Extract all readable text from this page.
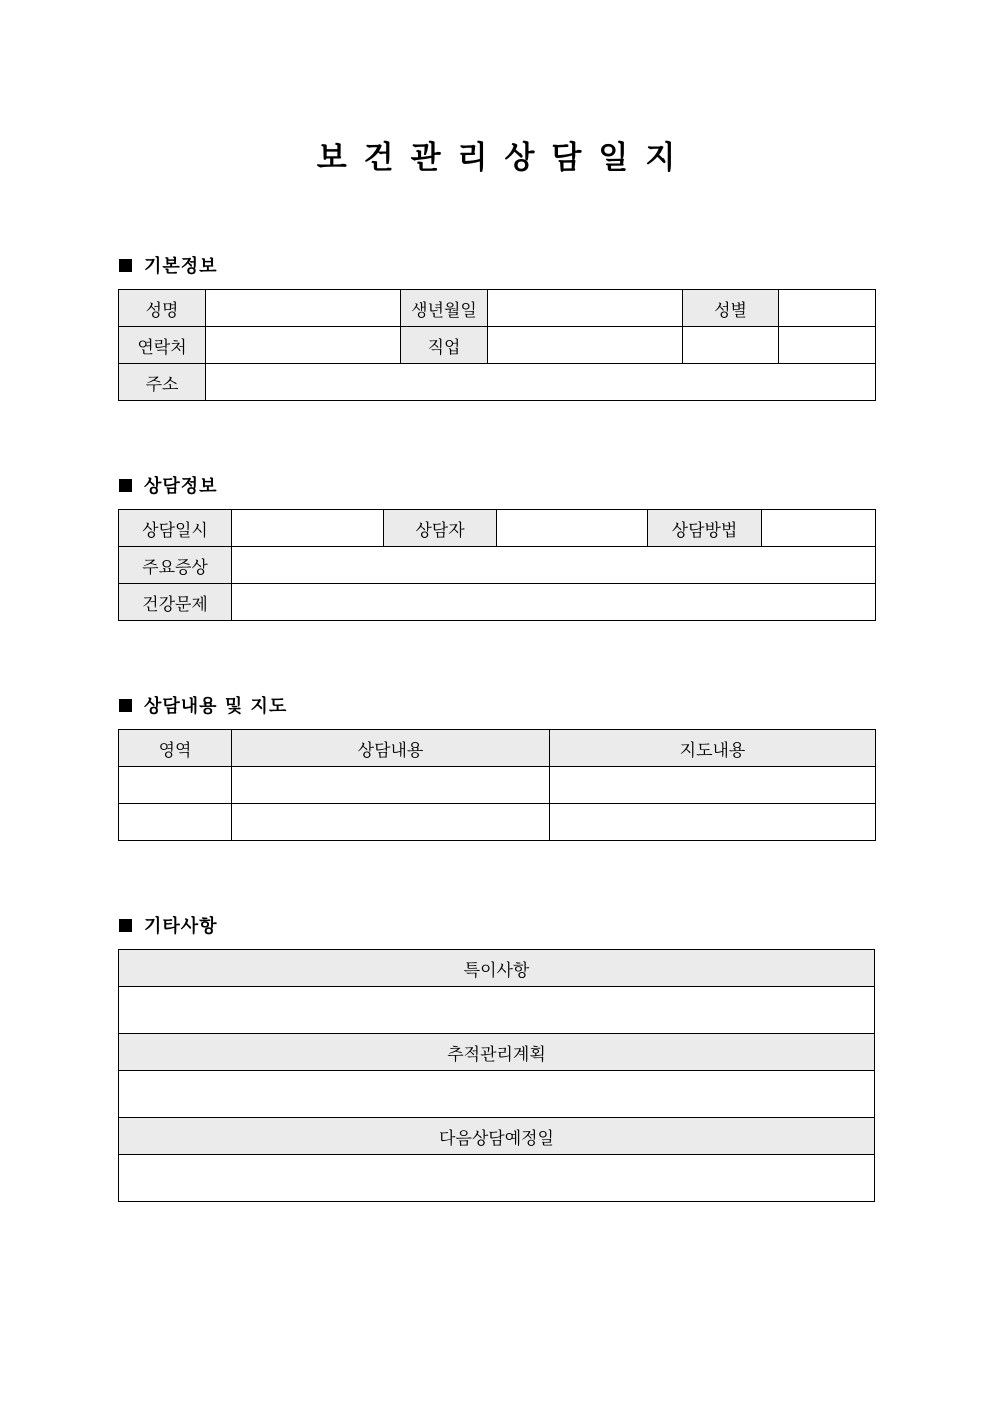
보건관리상담일지
기본정보
성명		생년월일		성별	
연락처		직업			
주소					
상담정보
상담일시		상담자		상담방법	
주요증상					
건강문제					
상담내용 및 지도
영역	상담내용	지도내용

기타사항
특이사항

추적관리계획

다음상담예정일
